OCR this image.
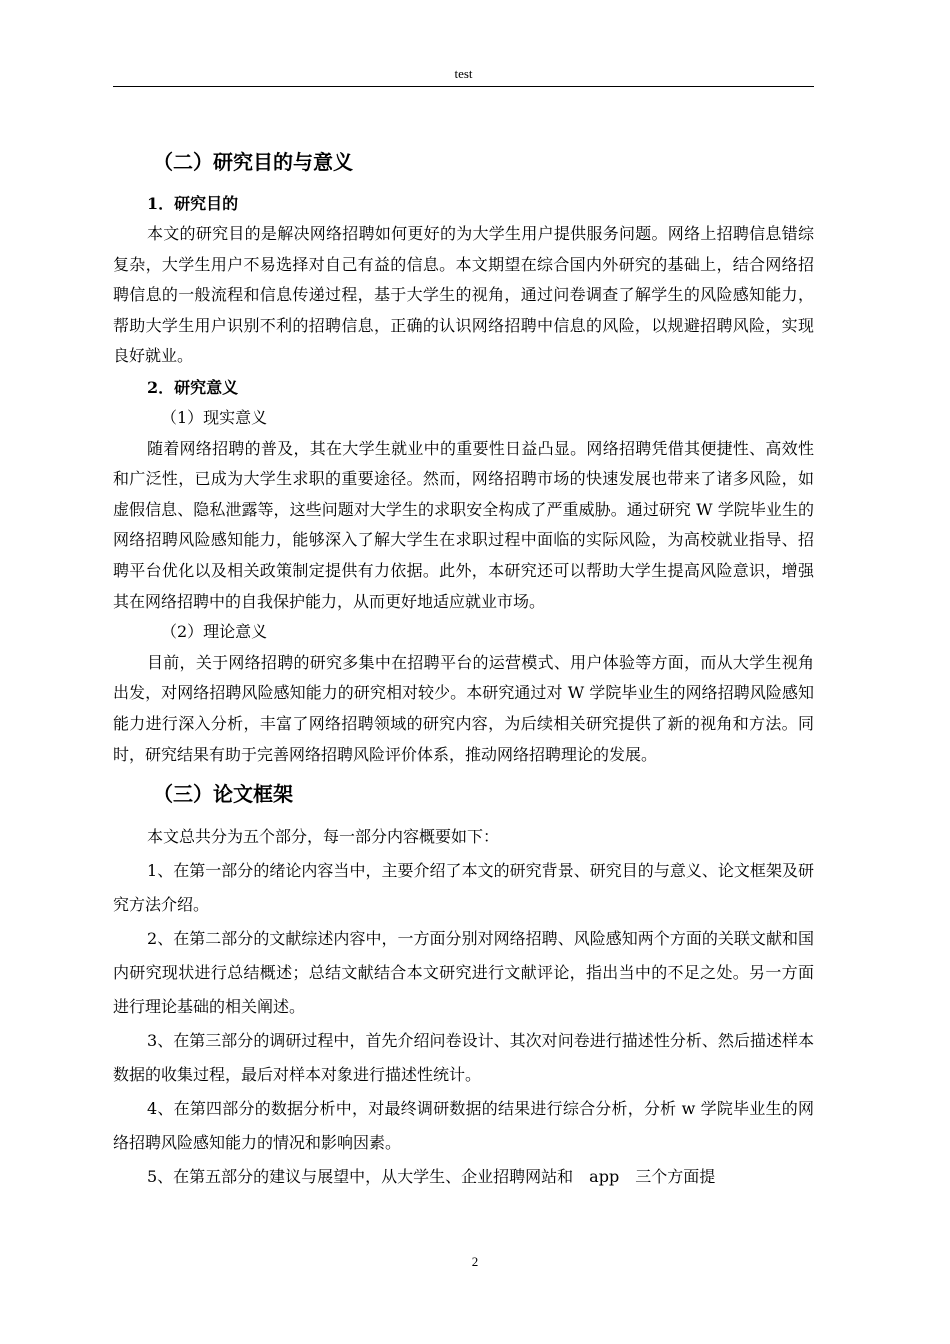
test
（二）研究目的与意义
1．研究目的

本文的研究目的是解决网络招聘如何更好的为大学生用户提供服务问题。网络上招聘信息错综复杂，大学生用户不易选择对自己有益的信息。本文期望在综合国内外研究的基础上，结合网络招聘信息的一般流程和信息传递过程，基于大学生的视角，通过问卷调查了解学生的风险感知能力，帮助大学生用户识别不利的招聘信息，正确的认识网络招聘中信息的风险，以规避招聘风险，实现良好就业。

2．研究意义
（1）现实意义

随着网络招聘的普及，其在大学生就业中的重要性日益凸显。网络招聘凭借其便捷性、高效性和广泛性，已成为大学生求职的重要途径。然而，网络招聘市场的快速发展也带来了诸多风险，如虚假信息、隐私泄露等，这些问题对大学生的求职安全构成了严重威胁。通过研究 W 学院毕业生的网络招聘风险感知能力，能够深入了解大学生在求职过程中面临的实际风险，为高校就业指导、招聘平台优化以及相关政策制定提供有力依据。此外，本研究还可以帮助大学生提高风险意识，增强其在网络招聘中的自我保护能力，从而更好地适应就业市场。

（2）理论意义

目前，关于网络招聘的研究多集中在招聘平台的运营模式、用户体验等方面，而从大学生视角出发，对网络招聘风险感知能力的研究相对较少。本研究通过对 W 学院毕业生的网络招聘风险感知能力进行深入分析，丰富了网络招聘领域的研究内容，为后续相关研究提供了新的视角和方法。同时，研究结果有助于完善网络招聘风险评价体系，推动网络招聘理论的发展。

（三）论文框架

本文总共分为五个部分，每一部分内容概要如下：

1、在第一部分的绪论内容当中，主要介绍了本文的研究背景、研究目的与意义、论文框架及研究方法介绍。

2、在第二部分的文献综述内容中，一方面分别对网络招聘、风险感知两个方面的关联文献和国内研究现状进行总结概述；总结文献结合本文研究进行文献评论，指出当中的不足之处。另一方面进行理论基础的相关阐述。

3、在第三部分的调研过程中，首先介绍问卷设计、其次对问卷进行描述性分析、然后描述样本数据的收集过程，最后对样本对象进行描述性统计。

4、在第四部分的数据分析中，对最终调研数据的结果进行综合分析，分析 w 学院毕业生的网络招聘风险感知能力的情况和影响因素。

5、在第五部分的建议与展望中，从大学生、企业招聘网站和　app　三个方面提

2
